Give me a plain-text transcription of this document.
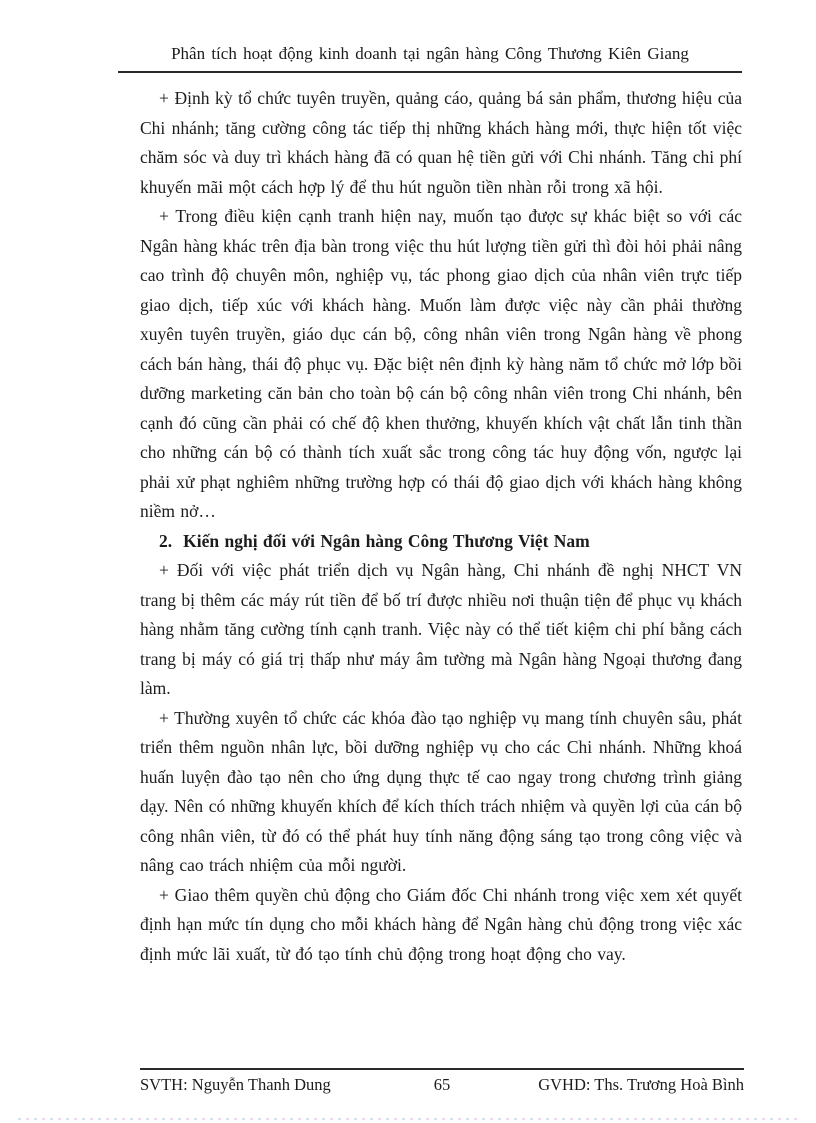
Phân tích hoạt động kinh doanh tại ngân hàng Công Thương Kiên Giang

+ Định kỳ tổ chức tuyên truyền, quảng cáo, quảng bá sản phẩm, thương hiệu của Chi nhánh; tăng cường công tác tiếp thị những khách hàng mới, thực hiện tốt việc chăm sóc và duy trì khách hàng đã có quan hệ tiền gửi với Chi nhánh. Tăng chi phí khuyến mãi một cách hợp lý để thu hút nguồn tiền nhàn rỗi trong xã hội.

+ Trong điều kiện cạnh tranh hiện nay, muốn tạo được sự khác biệt so với các Ngân hàng khác trên địa bàn trong việc thu hút lượng tiền gửi thì đòi hỏi phải nâng cao trình độ chuyên môn, nghiệp vụ, tác phong giao dịch của nhân viên trực tiếp giao dịch, tiếp xúc với khách hàng. Muốn làm được việc này cần phải thường xuyên tuyên truyền, giáo dục cán bộ, công nhân viên trong Ngân hàng về phong cách bán hàng, thái độ phục vụ. Đặc biệt nên định kỳ hàng năm tổ chức mở lớp bồi dưỡng marketing căn bản cho toàn bộ cán bộ công nhân viên trong Chi nhánh, bên cạnh đó cũng cần phải có chế độ khen thưởng, khuyến khích vật chất lẫn tinh thần cho những cán bộ có thành tích xuất sắc trong công tác huy động vốn, ngược lại phải xử phạt nghiêm những trường hợp có thái độ giao dịch với khách hàng không niềm nở…

2. Kiến nghị đối với Ngân hàng Công Thương Việt Nam

+ Đối với việc phát triển dịch vụ Ngân hàng, Chi nhánh đề nghị NHCT VN trang bị thêm các máy rút tiền để bố trí được nhiều nơi thuận tiện để phục vụ khách hàng nhằm tăng cường tính cạnh tranh. Việc này có thể tiết kiệm chi phí bằng cách trang bị máy có giá trị thấp như máy âm tường mà Ngân hàng Ngoại thương đang làm.

+ Thường xuyên tổ chức các khóa đào tạo nghiệp vụ mang tính chuyên sâu, phát triển thêm nguồn nhân lực, bồi dưỡng nghiệp vụ cho các Chi nhánh. Những khoá huấn luyện đào tạo nên cho ứng dụng thực tế cao ngay trong chương trình giảng dạy. Nên có những khuyến khích để kích thích trách nhiệm và quyền lợi của cán bộ công nhân viên, từ đó có thể phát huy tính năng động sáng tạo trong công việc và nâng cao trách nhiệm của mỗi người.

+ Giao thêm quyền chủ động cho Giám đốc Chi nhánh trong việc xem xét quyết định hạn mức tín dụng cho mỗi khách hàng để Ngân hàng chủ động trong việc xác định mức lãi xuất, từ đó tạo tính chủ động trong hoạt động cho vay.

SVTH: Nguyễn Thanh Dung	65	GVHD: Ths. Trương Hoà Bình
